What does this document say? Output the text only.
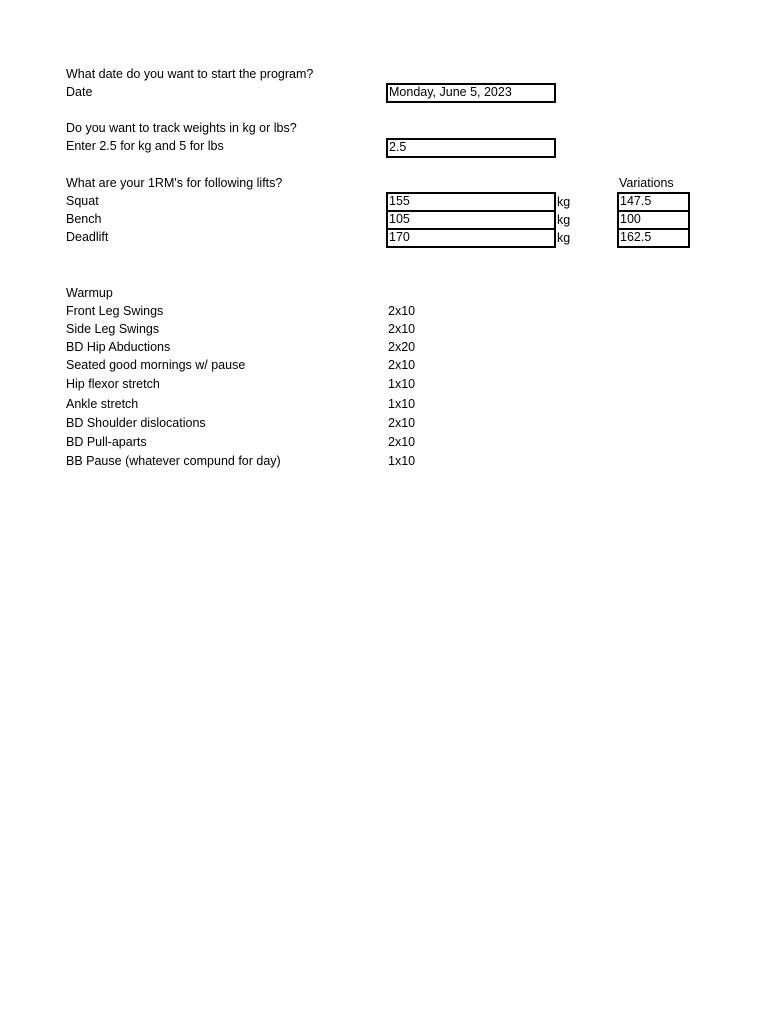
What date do you want to start the program?
Date	Monday, June 5, 2023
Do you want to track weights in kg or lbs?
Enter 2.5 for kg and 5 for lbs	2.5
What are your 1RM's for following lifts?	Variations
Squat	155	kg	147.5
Bench	105	kg	100
Deadlift	170	kg	162.5
Warmup
Front Leg Swings	2x10
Side Leg Swings	2x10
BD Hip Abductions	2x20
Seated good mornings w/ pause	2x10
Hip flexor stretch	1x10
Ankle stretch	1x10
BD Shoulder dislocations	2x10
BD Pull-aparts	2x10
BB Pause (whatever compund for day)	1x10
